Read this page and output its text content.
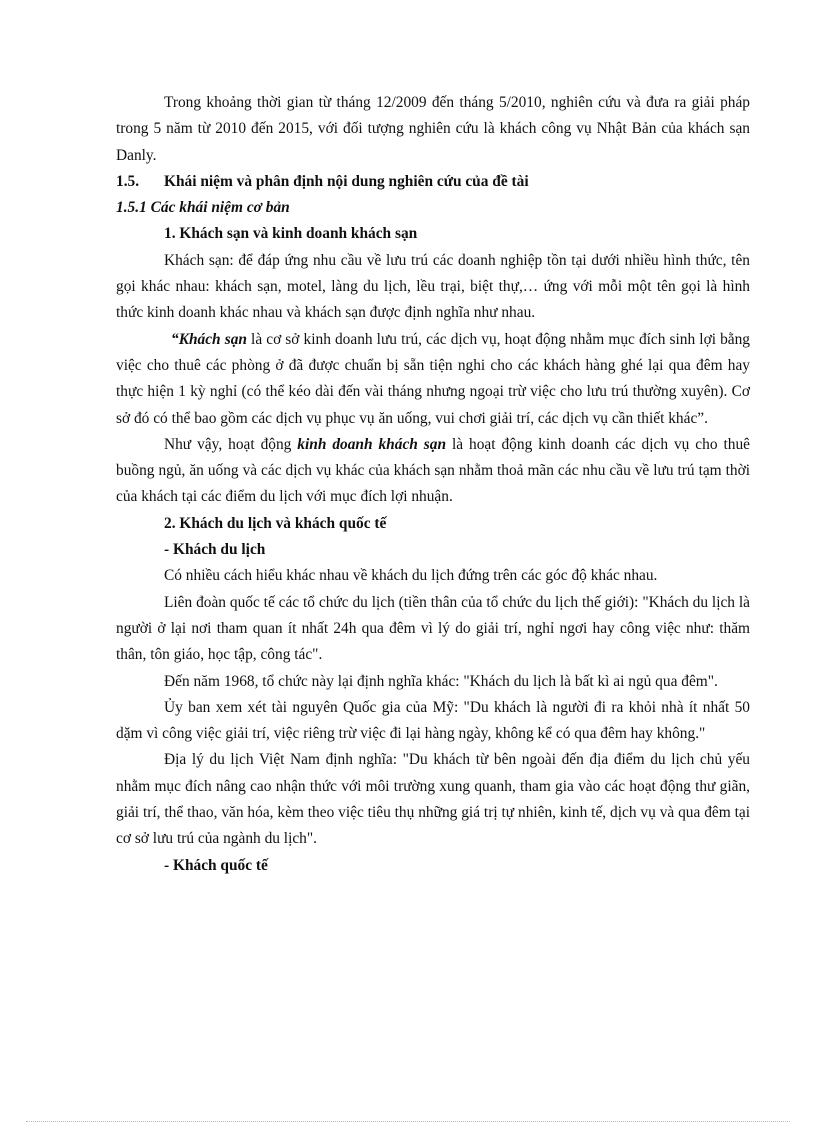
Trong khoảng thời gian từ tháng 12/2009 đến tháng 5/2010, nghiên cứu và đưa ra giải pháp trong 5 năm từ 2010 đến 2015, với đối tượng nghiên cứu là khách công vụ Nhật Bản của khách sạn Danly.

1.5. Khái niệm và phân định nội dung nghiên cứu của đề tài

1.5.1 Các khái niệm cơ bản

1. Khách sạn và kinh doanh khách sạn

Khách sạn: để đáp ứng nhu cầu về lưu trú các doanh nghiệp tồn tại dưới nhiều hình thức, tên gọi khác nhau: khách sạn, motel, làng du lịch, lều trại, biệt thự,… ứng với mỗi một tên gọi là hình thức kinh doanh khác nhau và khách sạn được định nghĩa như nhau.

“Khách sạn là cơ sở kinh doanh lưu trú, các dịch vụ, hoạt động nhằm mục đích sinh lợi bằng việc cho thuê các phòng ở đã được chuẩn bị sẵn tiện nghi cho các khách hàng ghé lại qua đêm hay thực hiện 1 kỳ nghỉ (có thể kéo dài đến vài tháng nhưng ngoại trừ việc cho lưu trú thường xuyên). Cơ sở đó có thể bao gồm các dịch vụ phục vụ ăn uống, vui chơi giải trí, các dịch vụ cần thiết khác”.

Như vậy, hoạt động kinh doanh khách sạn là hoạt động kinh doanh các dịch vụ cho thuê buồng ngủ, ăn uống và các dịch vụ khác của khách sạn nhằm thoả mãn các nhu cầu về lưu trú tạm thời của khách tại các điểm du lịch với mục đích lợi nhuận.

2. Khách du lịch và khách quốc tế

- Khách du lịch

Có nhiều cách hiểu khác nhau về khách du lịch đứng trên các góc độ khác nhau.

Liên đoàn quốc tế các tổ chức du lịch (tiền thân của tổ chức du lịch thế giới): "Khách du lịch là người ở lại nơi tham quan ít nhất 24h qua đêm vì lý do giải trí, nghỉ ngơi hay công việc như: thăm thân, tôn giáo, học tập, công tác".

Đến năm 1968, tổ chức này lại định nghĩa khác: "Khách du lịch là bất kì ai ngủ qua đêm".

Ủy ban xem xét tài nguyên Quốc gia của Mỹ: "Du khách là người đi ra khỏi nhà ít nhất 50 dặm vì công việc giải trí, việc riêng trừ việc đi lại hàng ngày, không kể có qua đêm hay không."

Địa lý du lịch Việt Nam định nghĩa: "Du khách từ bên ngoài đến địa điểm du lịch chủ yếu nhằm mục đích nâng cao nhận thức với môi trường xung quanh, tham gia vào các hoạt động thư giãn, giải trí, thể thao, văn hóa, kèm theo việc tiêu thụ những giá trị tự nhiên, kinh tế, dịch vụ và qua đêm tại cơ sở lưu trú của ngành du lịch".

- Khách quốc tế
